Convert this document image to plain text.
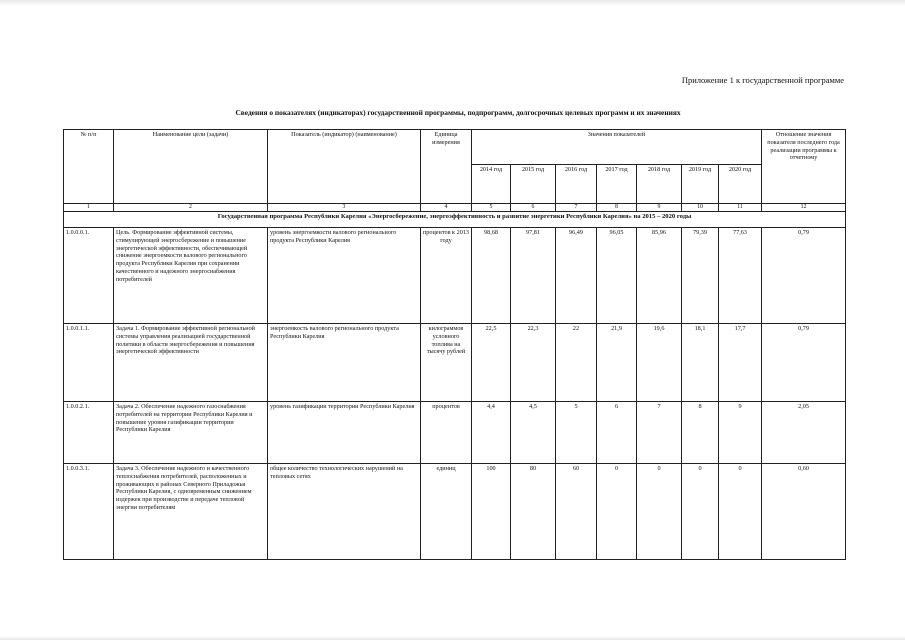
Приложение 1 к государственной программе
Сведения о показателях (индикаторах) государственной программы, подпрограмм, долгосрочных целевых программ и их значениях
№ п/п	Наименование цели (задачи)	Показатель (индикатор) (наименование)	Единица измерения	Значения показателей							Отношение значения показателя последнего года реализации программы к отчетному
				2014 год	2015 год	2016 год	2017 год	2018 год	2019 год	2020 год	
1	2	3	4	5	6	7	8	9	10	11	12
Государственная программа Республики Карелия «Энергосбережение, энергоэффективность и развитие энергетики Республики Карелия» на 2015 – 2020 годы											
1.0.0.0.1.	Цель. Формирование эффективной системы, стимулирующей энергосбережение и повышение энергетической эффективности, обеспечивающей снижение энергоемкости валового регионального продукта Республики Карелия при сохранении качественного и надежного энергоснабжения потребителей	уровень энергоемкости валового регионального продукта Республики Карелия	процентов к 2013 году	98,68	97,81	96,49	96,05	85,96	79,39	77,63	0,79
1.0.0.1.1.	Задача 1. Формирование эффективной региональной системы управления реализацией государственной политики в области энергосбережения и повышения энергетической эффективности	энергоемкость валового регионального продукта Республики Карелия	килограммов условного топлива на тысячу рублей	22,5	22,3	22	21,9	19,6	18,1	17,7	0,79
1.0.0.2.1.	Задача 2. Обеспечение надежного газоснабжения потребителей на территории Республики Карелия и повышение уровня газификации территории Республики Карелия	уровень газификации территории Республики Карелия	процентов	4,4	4,5	5	6	7	8	9	2,05
1.0.0.3.1.	Задача 3. Обеспечение надежного и качественного теплоснабжения потребителей, расположенных и проживающих в районах Северного Приладожья Республики Карелия, с одновременным снижением издержек при производстве и передаче тепловой энергии потребителям	общее количество технологических нарушений на тепловых сетях	единиц	100	80	60	0	0	0	0	0,60
